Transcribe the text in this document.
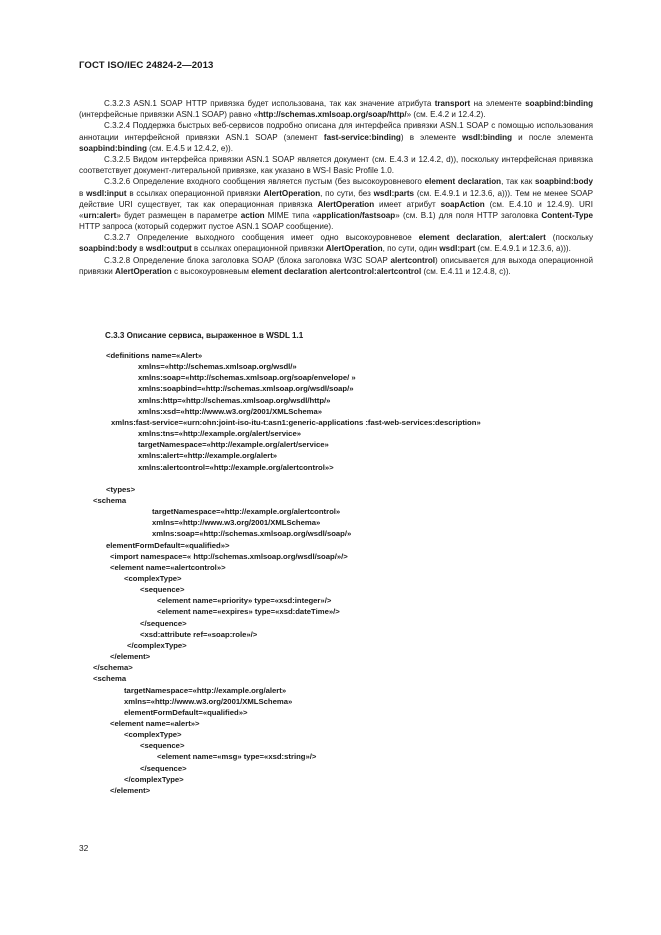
ГОСТ ISO/IEC 24824-2—2013

С.3.2.3 ASN.1 SOAP HTTP привязка будет использована, так как значение атрибута transport на элементе soapbind:binding (интерфейсные привязки ASN.1 SOAP) равно «http://schemas.xmlsoap.org/soap/http/» (см. Е.4.2 и 12.4.2).

С.3.2.4 Поддержка быстрых веб-сервисов подробно описана для интерфейса привязки ASN.1 SOAP с помощью использования аннотации интерфейсной привязки ASN.1 SOAP (элемент fast-service:binding) в элементе wsdl:binding и после элемента soapbind:binding (см. Е.4.5 и 12.4.2, е)).

С.3.2.5 Видом интерфейса привязки ASN.1 SOAP является документ (см. Е.4.3 и 12.4.2, d)), поскольку интерфейсная привязка соответствует документ-литеральной привязке, как указано в WS-I Basic Profile 1.0.

С.3.2.6 Определение входного сообщения является пустым (без высокоуровневого element declaration, так как soapbind:body в wsdl:input в ссылках операционной привязки AlertOperation, по сути, без wsdl:parts (см. Е.4.9.1 и 12.3.6, а))). Тем не менее SOAP действие URI существует, так как операционная привязка AlertOperation имеет атрибут soapAction (см. Е.4.10 и 12.4.9). URI «urn:alert» будет размещен в параметре action MIME типа «application/fastsoap» (см. В.1) для поля HTTP заголовка Content-Type HTTP запроса (который содержит пустое ASN.1 SOAP сообщение).

С.3.2.7 Определение выходного сообщения имеет одно высокоуровневое element declaration, alert:alert (поскольку soapbind:body в wsdl:output в ссылках операционной привязки AlertOperation, по сути, один wsdl:part (см. Е.4.9.1 и 12.3.6, а))).

С.3.2.8 Определение блока заголовка SOAP (блока заголовка W3C SOAP alertcontrol) описывается для выхода операционной привязки AlertOperation с высокоуровневым element declaration alertcontrol:alertcontrol (см. Е.4.11 и 12.4.8, с)).

С.3.3 Описание сервиса, выраженное в WSDL 1.1
<definitions name=«Alert»
xmlns=«http://schemas.xmlsoap.org/wsdl/»
xmlns:soap=«http://schemas.xmlsoap.org/soap/envelope/ »
xmlns:soapbind=«http://schemas.xmlsoap.org/wsdl/soap/»
xmlns:http=«http://schemas.xmlsoap.org/wsdl/http/»
xmlns:xsd=«http://www.w3.org/2001/XMLSchema»
xmlns:fast-service=«urn:ohn:joint-iso-itu-t:asn1:generic-applications :fast-web-services:description»
xmlns:tns=«http://example.org/alert/service»
targetNamespace=«http://example.org/alert/service»
xmlns:alert=«http://example.org/alert»
xmlns:alertcontrol=«http://example.org/alertcontrol»>
<types>
<schema
targetNamespace=«http://example.org/alertcontrol»
xmlns=«http://www.w3.org/2001/XMLSchema»
xmlns:soap=«http://schemas.xmlsoap.org/wsdl/soap/»
elementFormDefault=«qualified»>
<import namespace=« http://schemas.xmlsoap.org/wsdl/soap/»/>
<element name=«alertcontrol»>
<complexType>
<sequence>
<element name=«priority» type=«xsd:integer»/>
<element name=«expires» type=«xsd:dateTime»/>
</sequence>
<xsd:attribute ref=«soap:role»/>
</complexType>
</element>
</schema>
<schema
targetNamespace=«http://example.org/alert»
xmlns=«http://www.w3.org/2001/XMLSchema»
elementFormDefault=«qualified»>
<element name=«alert»>
<complexType>
<sequence>
<element name=«msg» type=«xsd:string»/>
</sequence>
</complexType>
</element>
32
